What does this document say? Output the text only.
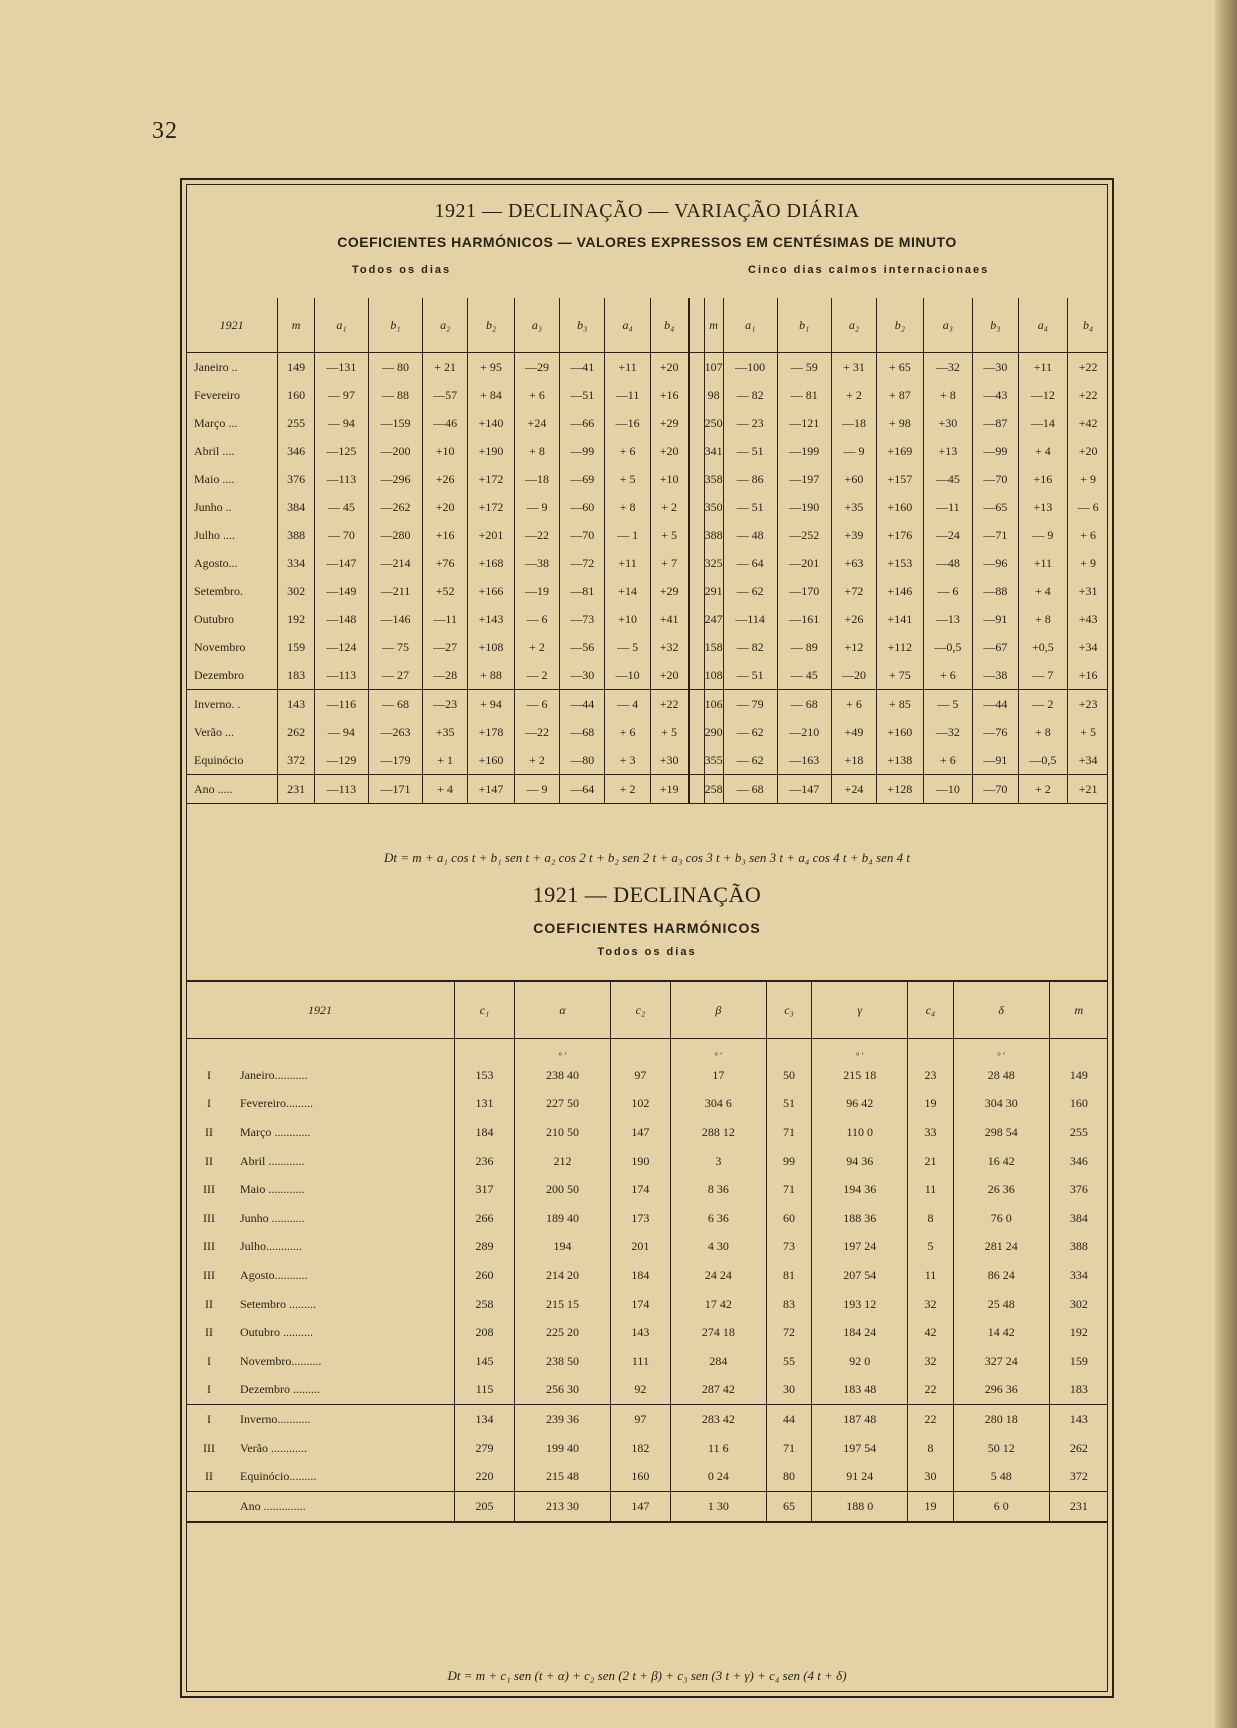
32
1921 — DECLINAÇÃO — VARIAÇÃO DIÁRIA
COEFICIENTES HARMÓNICOS — VALORES EXPRESSOS EM CENTÉSIMAS DE MINUTO
Todos os dias	Cinco dias calmos internacionaes
1921	m	a₁	b₁	a₂	b₂	a₃	b₃	a₄	b₄		m	a₁	b₁	a₂	b₂	a₃	b₃	a₄	b₄
Janeiro ..	149	—131	— 80	+ 21	+ 95	—29	—41	+11	+20		107	—100	— 59	+ 31	+ 65	—32	—30	+11	+22
Fevereiro	160	— 97	— 88	—57	+ 84	+ 6	—51	—11	+16		98	— 82	— 81	+ 2	+ 87	+ 8	—43	—12	+22
Março ...	255	— 94	—159	—46	+140	+24	—66	—16	+29		250	— 23	—121	—18	+ 98	+30	—87	—14	+42
Abril ....	346	—125	—200	+10	+190	+ 8	—99	+ 6	+20		341	— 51	—199	— 9	+169	+13	—99	+ 4	+20
Maio ....	376	—113	—296	+26	+172	—18	—69	+ 5	+10		358	— 86	—197	+60	+157	—45	—70	+16	+ 9
Junho ..	384	— 45	—262	+20	+172	— 9	—60	+ 8	+ 2		350	— 51	—190	+35	+160	—11	—65	+13	— 6
Julho ....	388	— 70	—280	+16	+201	—22	—70	— 1	+ 5		388	— 48	—252	+39	+176	—24	—71	— 9	+ 6
Agosto...	334	—147	—214	+76	+168	—38	—72	+11	+ 7		325	— 64	—201	+63	+153	—48	—96	+11	+ 9
Setembro.	302	—149	—211	+52	+166	—19	—81	+14	+29		291	— 62	—170	+72	+146	— 6	—88	+ 4	+31
Outubro	192	—148	—146	—11	+143	— 6	—73	+10	+41		247	—114	—161	+26	+141	—13	—91	+ 8	+43
Novembro	159	—124	— 75	—27	+108	+ 2	—56	— 5	+32		158	— 82	— 89	+12	+112	—0,5	—67	+0,5	+34
Dezembro	183	—113	— 27	—28	+ 88	— 2	—30	—10	+20		108	— 51	— 45	—20	+ 75	+ 6	—38	— 7	+16
Inverno. .	143	—116	— 68	—23	+ 94	— 6	—44	— 4	+22		106	— 79	— 68	+ 6	+ 85	— 5	—44	— 2	+23
Verão ...	262	— 94	—263	+35	+178	—22	—68	+ 6	+ 5		290	— 62	—210	+49	+160	—32	—76	+ 8	+ 5
Equinócio	372	—129	—179	+ 1	+160	+ 2	—80	+ 3	+30		355	— 62	—163	+18	+138	+ 6	—91	—0,5	+34
Ano .....	231	—113	—171	+ 4	+147	— 9	—64	+ 2	+19		258	— 68	—147	+24	+128	—10	—70	+ 2	+21
Dt = m + a₁ cos t + b₁ sen t + a₂ cos 2 t + b₂ sen 2 t + a₃ cos 3 t + b₃ sen 3 t + a₄ cos 4 t + b₄ sen 4 t
1921 — DECLINAÇÃO
COEFICIENTES HARMÓNICOS
Todos os dias
1921		c₁	α	c₂	β	c₃	γ	c₄	δ	m
			° ′		° ′		° ′		° ′	
I	Janeiro...........	153	238 40	97	17	50	215 18	23	28 48	149
I	Fevereiro.........	131	227 50	102	304 6	51	96 42	19	304 30	160
II	Março ............	184	210 50	147	288 12	71	110 0	33	298 54	255
II	Abril ............	236	212	190	3	99	94 36	21	16 42	346
III	Maio ............	317	200 50	174	8 36	71	194 36	11	26 36	376
III	Junho ...........	266	189 40	173	6 36	60	188 36	8	76 0	384
III	Julho............	289	194	201	4 30	73	197 24	5	281 24	388
III	Agosto...........	260	214 20	184	24 24	81	207 54	11	86 24	334
II	Setembro .........	258	215 15	174	17 42	83	193 12	32	25 48	302
II	Outubro ..........	208	225 20	143	274 18	72	184 24	42	14 42	192
I	Novembro..........	145	238 50	111	284	55	92 0	32	327 24	159
I	Dezembro .........	115	256 30	92	287 42	30	183 48	22	296 36	183
I	Inverno...........	134	239 36	97	283 42	44	187 48	22	280 18	143
III	Verão ............	279	199 40	182	11 6	71	197 54	8	50 12	262
II	Equinócio.........	220	215 48	160	0 24	80	91 24	30	5 48	372
	Ano ..............	205	213 30	147	1 30	65	188 0	19	6 0	231
Dt = m + c₁ sen (t + α) + c₂ sen (2 t + β) + c₃ sen (3 t + γ) + c₄ sen (4 t + δ)
